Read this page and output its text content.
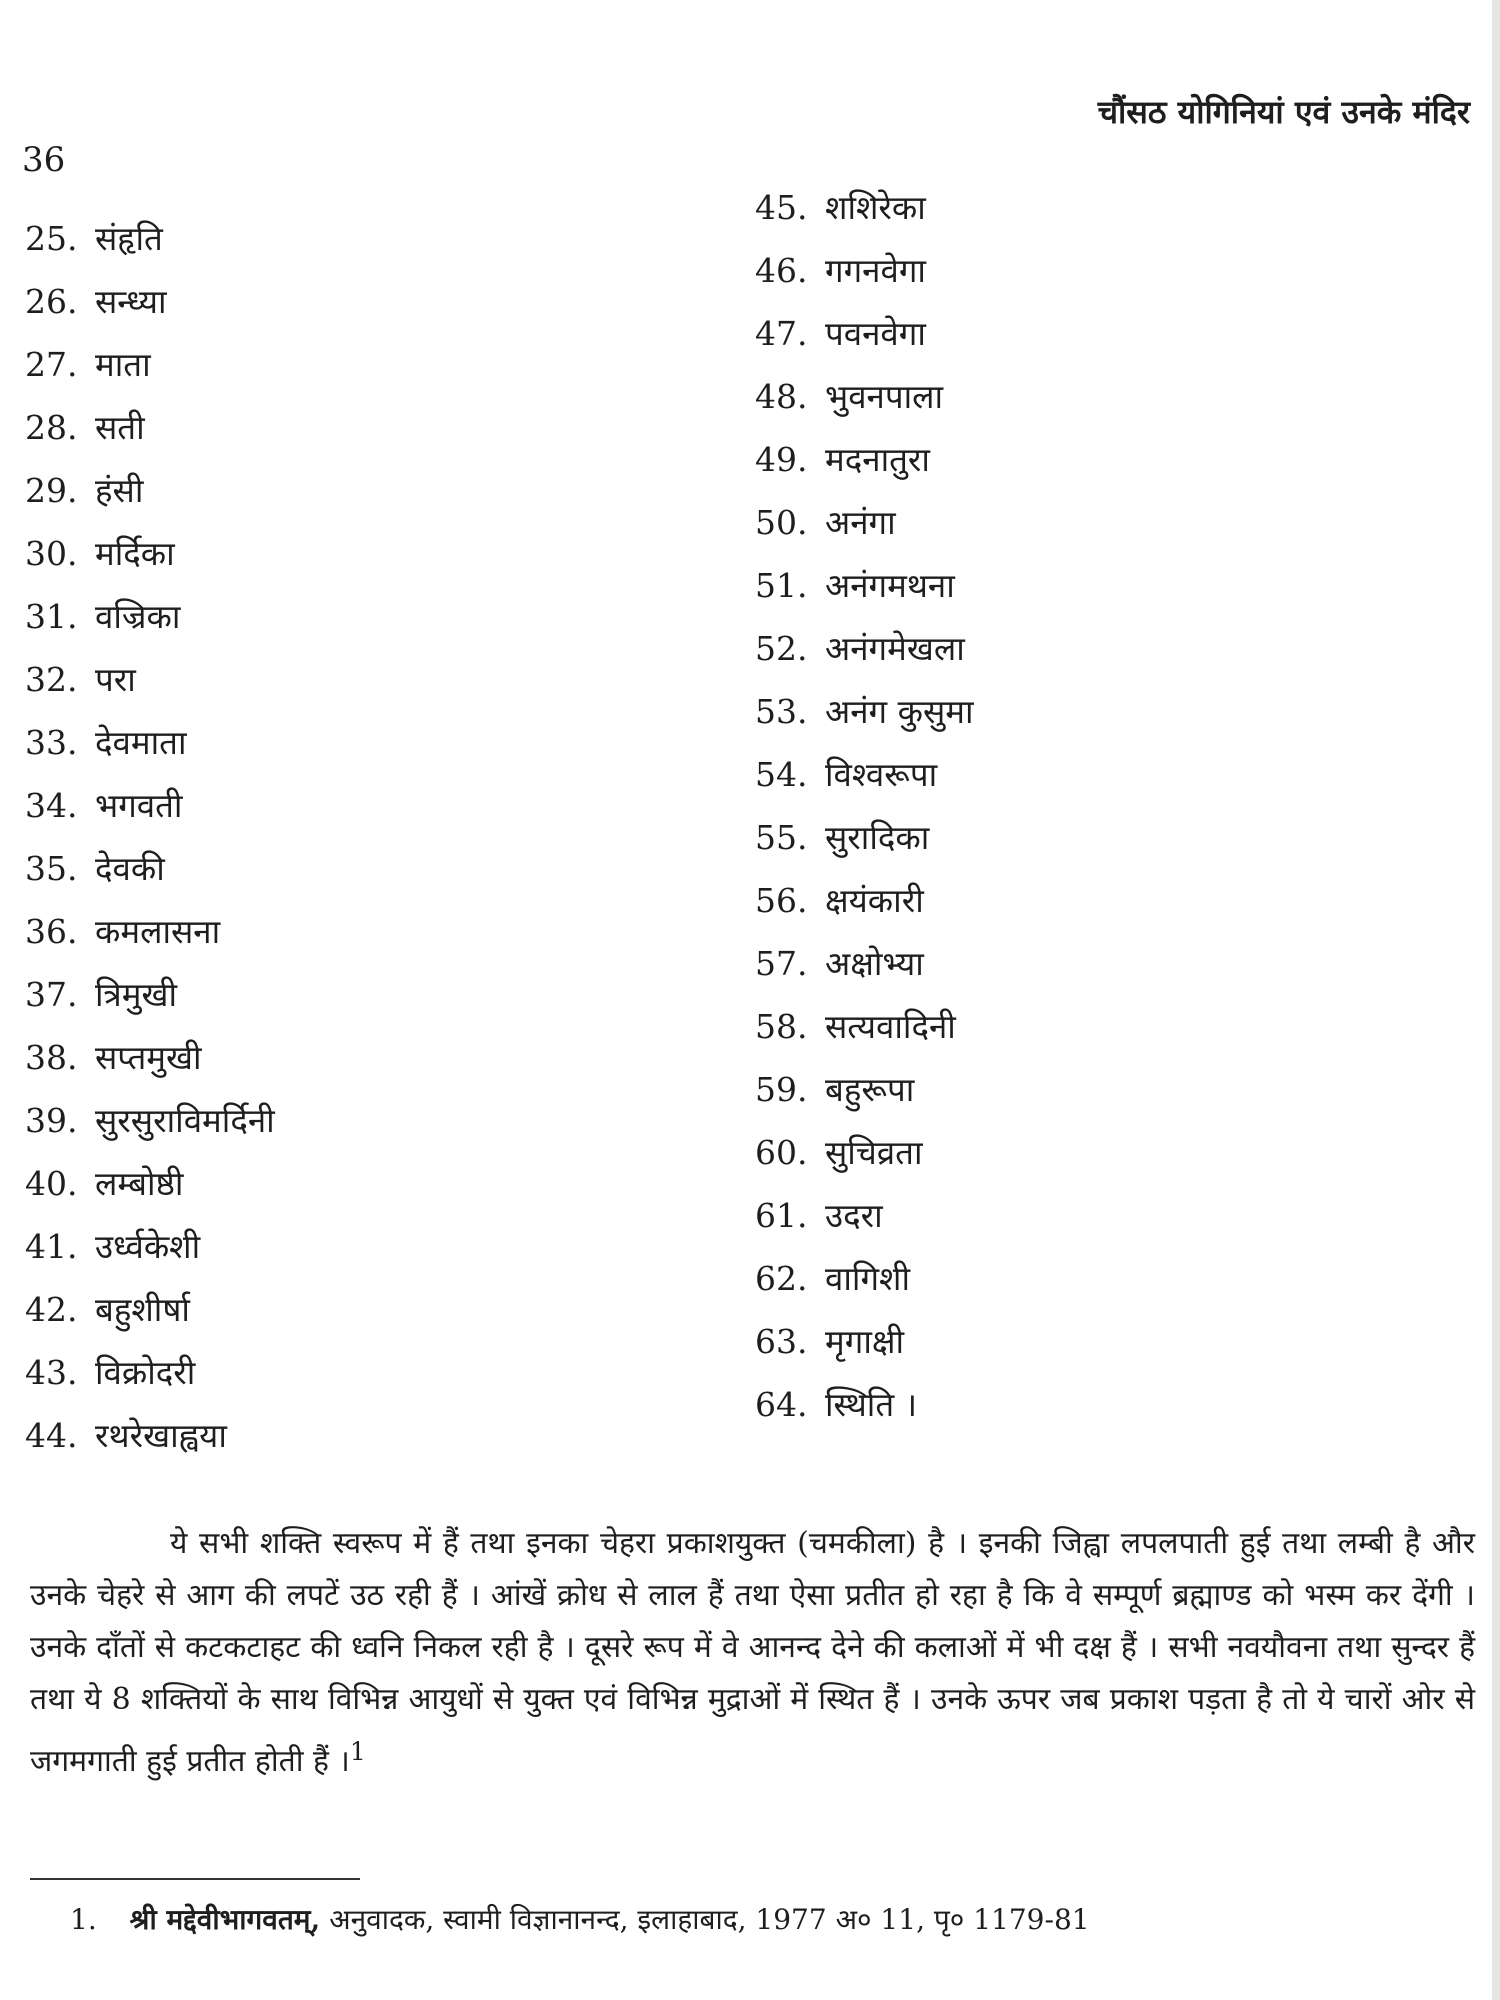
36
चौंसठ योगिनियां एवं उनके मंदिर
25. संहृति
26. सन्ध्या
27. माता
28. सती
29. हंसी
30. मर्दिका
31. वज्रिका
32. परा
33. देवमाता
34. भगवती
35. देवकी
36. कमलासना
37. त्रिमुखी
38. सप्तमुखी
39. सुरसुराविमर्दिनी
40. लम्बोष्ठी
41. उर्ध्वकेशी
42. बहुशीर्षा
43. विक्रोदरी
44. रथरेखाह्वया
45. शशिरेका
46. गगनवेगा
47. पवनवेगा
48. भुवनपाला
49. मदनातुरा
50. अनंगा
51. अनंगमथना
52. अनंगमेखला
53. अनंग कुसुमा
54. विश्वरूपा
55. सुरादिका
56. क्षयंकारी
57. अक्षोभ्या
58. सत्यवादिनी
59. बहुरूपा
60. सुचिव्रता
61. उदरा
62. वागिशी
63. मृगाक्षी
64. स्थिति ।

ये सभी शक्ति स्वरूप में हैं तथा इनका चेहरा प्रकाशयुक्त (चमकीला) है । इनकी जिह्वा लपलपाती हुई तथा लम्बी है और उनके चेहरे से आग की लपटें उठ रही हैं । आंखें क्रोध से लाल हैं तथा ऐसा प्रतीत हो रहा है कि वे सम्पूर्ण ब्रह्माण्ड को भस्म कर देंगी । उनके दाँतों से कटकटाहट की ध्वनि निकल रही है । दूसरे रूप में वे आनन्द देने की कलाओं में भी दक्ष हैं । सभी नवयौवना तथा सुन्दर हैं तथा ये 8 शक्तियों के साथ विभिन्न आयुधों से युक्त एवं विभिन्न मुद्राओं में स्थित हैं । उनके ऊपर जब प्रकाश पड़ता है तो ये चारों ओर से जगमगाती हुई प्रतीत होती हैं ।$^1$

1. श्री मद्देवीभागवतम्, अनुवादक, स्वामी विज्ञानानन्द, इलाहाबाद, 1977 अ० 11, पृ० 1179-81
